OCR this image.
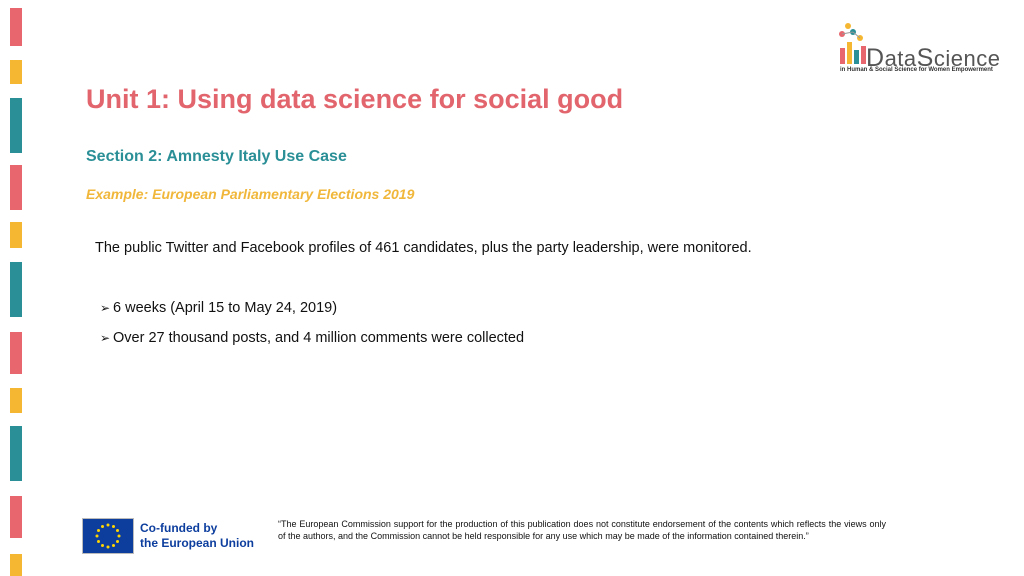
DataScience
in Human & Social Science for Women Empowerment
Unit 1: Using data science for social good
Section 2: Amnesty Italy Use Case
Example: European Parliamentary Elections 2019
The public Twitter and Facebook profiles of 461 candidates, plus the party leadership, were monitored.
➢ 6 weeks (April 15 to May 24, 2019)
➢ Over 27 thousand posts, and 4 million comments were collected
Co-funded by
the European Union
“The European Commission support for the production of this publication does not constitute endorsement of the contents which reflects the views only of the authors, and the Commission cannot be held responsible for any use which may be made of the information contained therein.”
